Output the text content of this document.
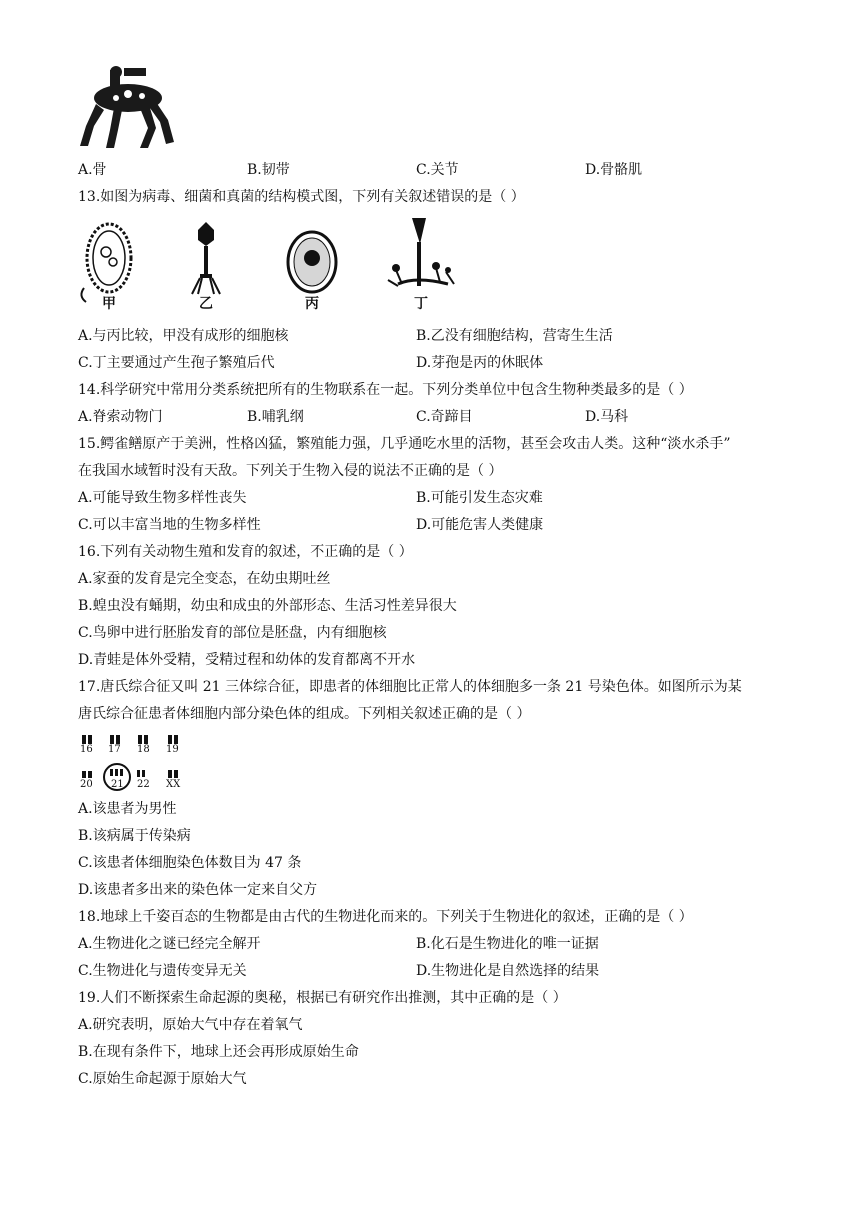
A.骨	B.韧带	C.关节	D.骨骼肌
13.如图为病毒、细菌和真菌的结构模式图，下列有关叙述错误的是（ ）
甲	乙	丙	丁
A.与丙比较，甲没有成形的细胞核	B.乙没有细胞结构，营寄生生活
C.丁主要通过产生孢子繁殖后代	D.芽孢是丙的休眠体
14.科学研究中常用分类系统把所有的生物联系在一起。下列分类单位中包含生物种类最多的是（ ）
A.脊索动物门	B.哺乳纲	C.奇蹄目	D.马科
15.鳄雀鳝原产于美洲，性格凶猛，繁殖能力强，几乎通吃水里的活物，甚至会攻击人类。这种“淡水杀手”
在我国水域暂时没有天敌。下列关于生物入侵的说法不正确的是（ ）
A.可能导致生物多样性丧失	B.可能引发生态灾难
C.可以丰富当地的生物多样性	D.可能危害人类健康
16.下列有关动物生殖和发育的叙述，不正确的是（ ）
A.家蚕的发育是完全变态，在幼虫期吐丝
B.蝗虫没有蛹期，幼虫和成虫的外部形态、生活习性差异很大
C.鸟卵中进行胚胎发育的部位是胚盘，内有细胞核
D.青蛙是体外受精，受精过程和幼体的发育都离不开水
17.唐氏综合征又叫 21 三体综合征，即患者的体细胞比正常人的体细胞多一条 21 号染色体。如图所示为某
唐氏综合征患者体细胞内部分染色体的组成。下列相关叙述正确的是（ ）
16 17 18 19
20 21 22 XX
A.该患者为男性
B.该病属于传染病
C.该患者体细胞染色体数目为 47 条
D.该患者多出来的染色体一定来自父方
18.地球上千姿百态的生物都是由古代的生物进化而来的。下列关于生物进化的叙述，正确的是（ ）
A.生物进化之谜已经完全解开	B.化石是生物进化的唯一证据
C.生物进化与遗传变异无关	D.生物进化是自然选择的结果
19.人们不断探索生命起源的奥秘，根据已有研究作出推测，其中正确的是（ ）
A.研究表明，原始大气中存在着氧气
B.在现有条件下，地球上还会再形成原始生命
C.原始生命起源于原始大气
